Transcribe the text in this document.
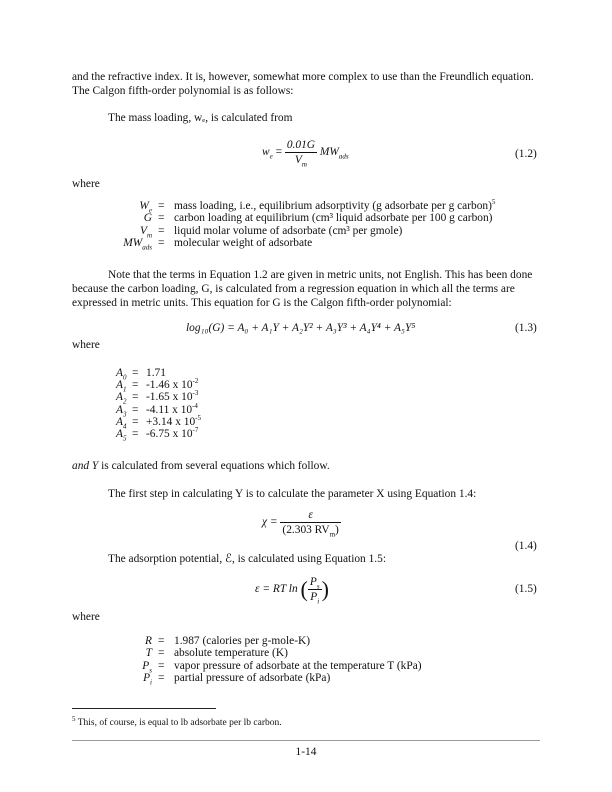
and the refractive index. It is, however, somewhat more complex to use than the Freundlich equation. The Calgon fifth-order polynomial is as follows:
The mass loading, wₑ, is calculated from
$w_e = \frac{0.01G}{V_m} MW_{ads}$	(1.2)
where
$W_e$ = mass loading, i.e., equilibrium adsorptivity (g adsorbate per g carbon)$^5$
G = carbon loading at equilibrium (cm³ liquid adsorbate per 100 g carbon)
$V_m$ = liquid molar volume of adsorbate (cm³ per gmole)
$MW_{ads}$ = molecular weight of adsorbate
Note that the terms in Equation 1.2 are given in metric units, not English. This has been done because the carbon loading, G, is calculated from a regression equation in which all the terms are expressed in metric units. This equation for G is the Calgon fifth-order polynomial:
log₁₀(G) = A₀ + A₁Y + A₂Y² + A₃Y³ + A₄Y⁴ + A₅Y⁵	(1.3)
where
$A_0 = 1.71$
$A_1 = -1.46$ x $10^{-2}$
$A_2 = -1.65$ x $10^{-3}$
$A_3 = -4.11$ x $10^{-4}$
$A_4 = +3.14$ x $10^{-5}$
$A_5 = -6.75$ x $10^{-7}$
and Y is calculated from several equations which follow.
The first step in calculating Y is to calculate the parameter X using Equation 1.4:
$\chi = \frac{\varepsilon}{(2.303 RV_m)}$
(1.4)
The adsorption potential, ℰ, is calculated using Equation 1.5:
ε = RT ln ( $\frac{P_s}{P_i}$ )	(1.5)
where
R = 1.987 (calories per g-mole-K)
T = absolute temperature (K)
$P_s$ = vapor pressure of adsorbate at the temperature T (kPa)
$P_i$ = partial pressure of adsorbate (kPa)
$^5$ This, of course, is equal to lb adsorbate per lb carbon.
1-14
